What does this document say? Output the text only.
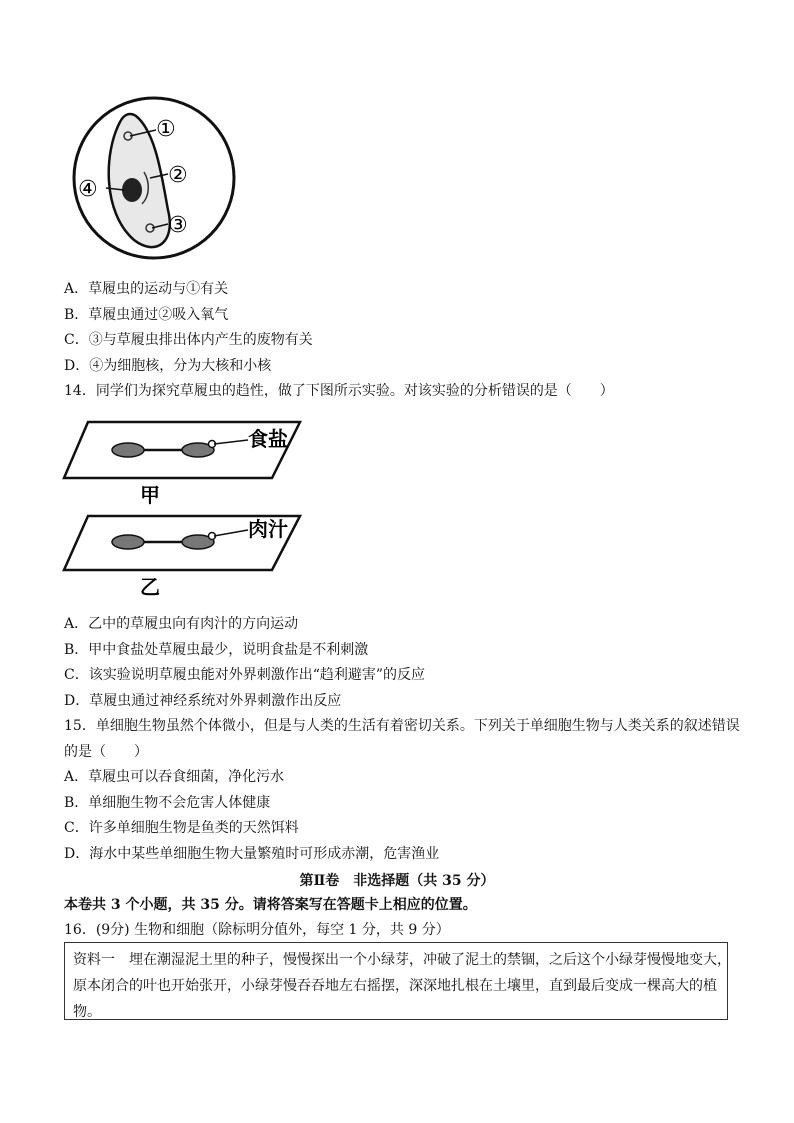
①
②
③
④
A．草履虫的运动与①有关
B．草履虫通过②吸入氧气
C．③与草履虫排出体内产生的废物有关
D．④为细胞核，分为大核和小核
14．同学们为探究草履虫的趋性，做了下图所示实验。对该实验的分析错误的是（　　）
食盐
甲
肉汁
乙
A．乙中的草履虫向有肉汁的方向运动
B．甲中食盐处草履虫最少，说明食盐是不利刺激
C．该实验说明草履虫能对外界刺激作出“趋利避害”的反应
D．草履虫通过神经系统对外界刺激作出反应
15．单细胞生物虽然个体微小，但是与人类的生活有着密切关系。下列关于单细胞生物与人类关系的叙述错误
的是（　　）
A．草履虫可以吞食细菌，净化污水
B．单细胞生物不会危害人体健康
C．许多单细胞生物是鱼类的天然饵料
D．海水中某些单细胞生物大量繁殖时可形成赤潮，危害渔业
第Ⅱ卷　非选择题（共 35 分）
本卷共 3 个小题，共 35 分。请将答案写在答题卡上相应的位置。
16．(9分) 生物和细胞（除标明分值外，每空 1 分，共 9 分）
资料一　埋在潮湿泥土里的种子，慢慢探出一个小绿芽，冲破了泥土的禁锢，之后这个小绿芽慢慢地变大，
原本闭合的叶也开始张开，小绿芽慢吞吞地左右摇摆，深深地扎根在土壤里，直到最后变成一棵高大的植
物。
